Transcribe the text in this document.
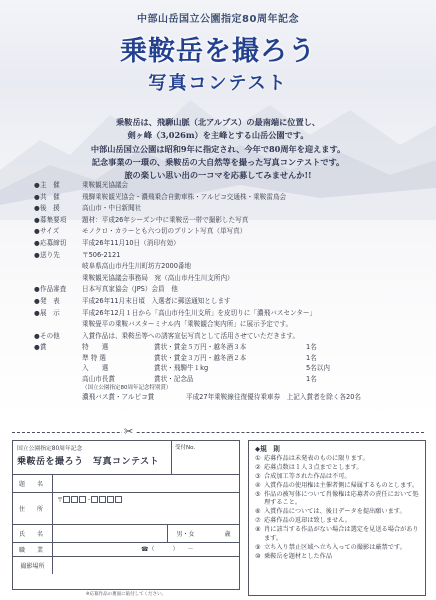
中部山岳国立公園指定80周年記念
乗鞍岳を撮ろう
写真コンテスト
乗鞍岳は、飛騨山脈（北アルプス）の最南端に位置し、
剣ヶ峰（3,026m）を主峰とする山岳公園です。
中部山岳国立公園は昭和9年に指定され、今年で80周年を迎えます。
記念事業の一環の、乗鞍岳の大自然等を撮った写真コンテストです。
旅の楽しい思い出の一コマを応募してみませんか!!
●主　催	乗鞍観光協議会
●共　催	飛騨乗鞍観光協会・濃飛乗合自動車株・アルピコ交通株・乗鞍雷鳥会
●後　援	高山市・中日新聞社
●募集要項	題材：平成26年シーズン中に乗鞍岳一帯で撮影した写真
●サイズ	モノクロ・カラーとも六つ切のプリント写真（単写真）
●応募締切	平成26年11月10日（消印有効）
●送り先	〒506-2121
岐阜県高山市丹生川町坊方2000番地
乗鞍観光協議会事務局　宛（高山市丹生川支所内）
●作品審査	日本写真家協会（JPS）会員　他
●発　表	平成26年11月末日頃　入選者に郵送通知とします
●展　示	平成26年12月１日から「高山市丹生川支所」を皮切りに「濃飛バスセンター」
乗鞍畳平の乗鞍バスターミナル内「乗鞍観合実内所」に展示予定です。
●その他	入賞作品は、乗鞍岳等への誘客宣伝写真として活用させていただきます。
●賞	特　　選	賞状・賞金５万円・越冬酒３本	1名
準 特 選	賞状・賞金３万円・越冬酒２本	1名
入　　選	賞状・飛騨牛１kg	5名以内
高山市長賞	賞状・記念品	1名
（国立公園指定80周年記念特別賞）
濃飛バス賞・アルピコ賞	平成27年乗鞍線往復優待乗車券　上記入賞者を除く各20名
✂
国立公園指定80周年記念
乗鞍岳を撮ろう　写真コンテスト
受付No.
題　名
住　所
〒	-
氏　名	男・女	歳
職　業	☎（　　　）　　－
撮影場所
※応募作品の裏面に貼付してください。
◆規　則
① 応募作品は未発表のものに限ります。
② 応募点数は１人３点までとします。
③ 合成加工等された作品は不可。
④ 入賞作品の使用権は主催者側に帰属するものとします。
⑤ 作品の被写体について肖像権は応募者の責任において処理すること。
⑥ 入賞作品については、後日データを提出願います。
⑦ 応募作品の返却は致しません。
⑧ 肖に該当する作品がない場合は選定を見送る場合があります。
⑨ 立ち入り禁止区域へ立ち入っての撮影は厳禁です。
⑩ 乗鞍岳を題材とした作品
